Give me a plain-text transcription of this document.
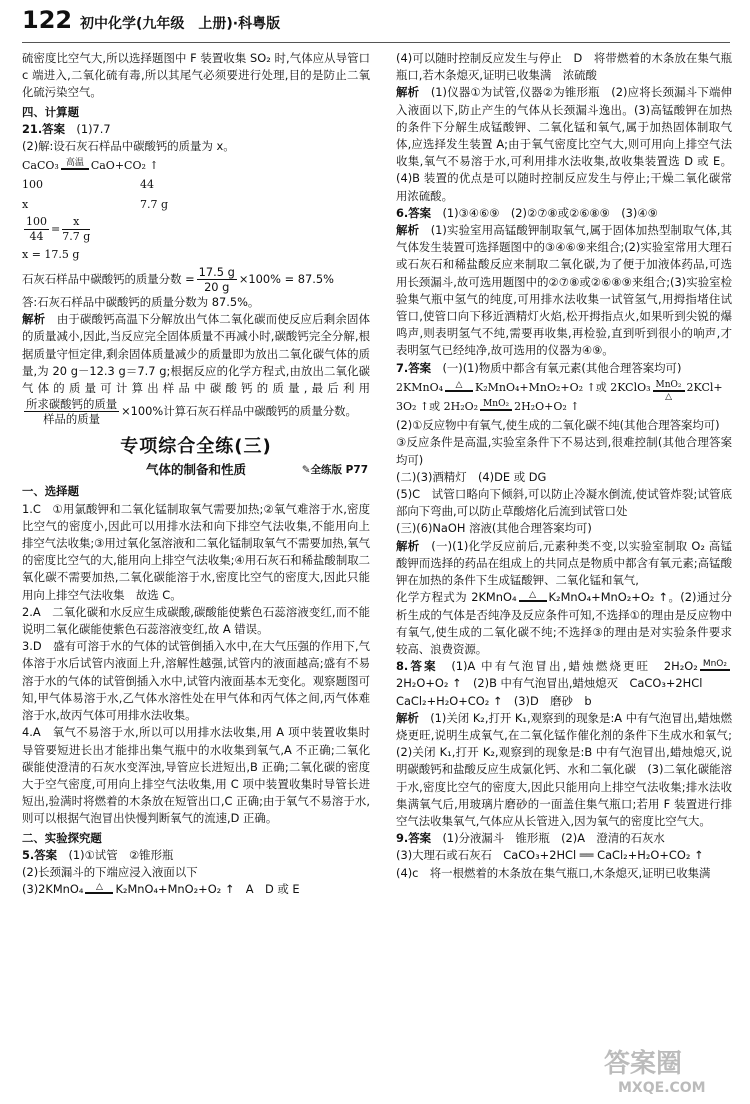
122 初中化学(九年级　上册)·科粤版

硫密度比空气大,所以选择题图中 F 装置收集 SO₂ 时,气体应从导管口 c 端进入,二氧化硫有毒,所以其尾气必须要进行处理,目的是防止二氧化硫污染空气。

四、计算题

21.答案　 (1)7.7

(2)解:设石灰石样品中碳酸钙的质量为 x。

CaCO₃ 高温 CaO+CO₂ ↑

100	44

x	7.7 g

$\frac{100}{44} = \frac{x}{7.7 g}$

x = 17.5 g

石灰石样品中碳酸钙的质量分数 = $\frac{17.5 g}{20 g} \times 100\% = 87.5\%$

答:石灰石样品中碳酸钙的质量分数为 87.5%。

解析　 由于碳酸钙高温下分解放出气体二氧化碳而使反应后剩余固体的质量减小,因此,当反应完全固体质量不再减小时,碳酸钙完全分解,根据质量守恒定律,剩余固体质量减少的质量即为放出二氧化碳气体的质量,为 20 g－12.3 g＝7.7 g;根据反应的化学方程式,由放出二氧化碳气体的质量可计算出样品中碳酸钙的质量,最后利用
$\frac{\text{所求碳酸钙的质量}}{\text{样品的质量}} \times 100\%$计算石灰石样品中碳酸钙的质量分数。

专项综合全练(三)

气体的制备和性质	✎全练版 P77

一、选择题

1.C　①用氯酸钾和二氧化锰制取氧气需要加热;②氧气难溶于水,密度比空气的密度小,因此可以用排水法和向下排空气法收集,不能用向上排空气法收集;③用过氧化氢溶液和二氧化锰制取氧气不需要加热,氧气的密度比空气的大,能用向上排空气法收集;④用石灰石和稀盐酸制取二氧化碳不需要加热,二氧化碳能溶于水,密度比空气的密度大,因此只能用向上排空气法收集　故选 C。

2.A　二氧化碳和水反应生成碳酸,碳酸能使紫色石蕊溶液变红,而不能说明二氧化碳能使紫色石蕊溶液变红,故 A 错误。

3.D　盛有可溶于水的气体的试管倒插入水中,在大气压强的作用下,气体溶于水后试管内液面上升,溶解性越强,试管内的液面越高;盛有不易溶于水的气体的试管倒插入水中,试管内液面基本无变化。观察题图可知,甲气体易溶于水,乙气体水溶性处在甲气体和丙气体之间,丙气体难溶于水,故丙气体可用排水法收集。

4.A　氧气不易溶于水,所以可以用排水法收集,用 A 项中装置收集时导管要短进长出才能排出集气瓶中的水收集到氧气,A 不正确;二氧化碳能使澄清的石灰水变浑浊,导管应长进短出,B 正确;二氧化碳的密度大于空气密度,可用向上排空气法收集,用 C 项中装置收集时导管长进短出,验满时将燃着的木条放在短管出口,C 正确;由于氧气不易溶于水,则可以根据气泡冒出快慢判断氧气的流速,D 正确。

二、实验探究题

5.答案　 (1)①试管　②锥形瓶

(2)长颈漏斗的下端应浸入液面以下

(3)2KMnO₄	△	K₂MnO₄+MnO₂+O₂ ↑　A　D 或 E

(4)可以随时控制反应发生与停止　D　将带燃着的木条放在集气瓶瓶口,若木条熄灭,证明已收集满　浓硫酸

解析　 (1)仪器①为试管,仪器②为锥形瓶　(2)应将长颈漏斗下端伸入液面以下,防止产生的气体从长颈漏斗逸出。(3)高锰酸钾在加热的条件下分解生成锰酸钾、二氧化锰和氧气,属于加热固体制取气体,应选择发生装置 A;由于氧气密度比空气大,则可用向上排空气法收集,氧气不易溶于水,可利用排水法收集,故收集装置选 D 或 E。(4)B 装置的优点是可以随时控制反应发生与停止;干燥二氧化碳常用浓硫酸。

6.答案　 (1)③④⑥⑨　(2)②⑦⑧或②⑥⑧⑨　(3)④⑨

解析　 (1)实验室用高锰酸钾制取氧气,属于固体加热型制取气体,其气体发生装置可选择题图中的③④⑥⑨来组合;(2)实验室常用大理石或石灰石和稀盐酸反应来制取二氧化碳,为了便于加液体药品,可选用长颈漏斗,故可选用题图中的②⑦⑧或②⑥⑧⑨来组合;(3)实验室检验集气瓶中氢气的纯度,可用排水法收集一试管氢气,用拇指堵住试管口,使管口向下移近酒精灯火焰,松开拇指点火,如果听到尖锐的爆鸣声,则表明氢气不纯,需要再收集,再检验,直到听到很小的响声,才表明氢气已经纯净,故可选用的仪器为④⑨。

7.答案　 (一)(1)物质中都含有氧元素(其他合理答案均可)

2KMnO₄	△	K₂MnO₄+MnO₂+O₂ ↑或 2KClO₃ MnO₂
△
2KCl+

3O₂ ↑或 2H₂O₂ MnO₂ 2H₂O+O₂ ↑

(2)①反应物中有氧气,使生成的二氧化碳不纯(其他合理答案均可)

③反应条件是高温,实验室条件下不易达到,很难控制(其他合理答案均可)

(二)(3)酒精灯　(4)DE 或 DG

(5)C　试管口略向下倾斜,可以防止冷凝水倒流,使试管炸裂;试管底部向下弯曲,可以防止草酸熔化后流到试管口处

(三)(6)NaOH 溶液(其他合理答案均可)

解析　 (一)(1)化学反应前后,元素种类不变,以实验室制取 O₂ 高锰酸钾而选择的药品在组成上的共同点是物质中都含有氧元素;高锰酸钾在加热的条件下生成锰酸钾、二氧化锰和氧气,

化学方程式为 2KMnO₄	△	K₂MnO₄+MnO₂+O₂ ↑。(2)通过分析生成的气体是否纯净及反应条件可知,不选择①的理由是反应物中有氧气,使生成的二氧化碳不纯;不选择③的理由是对实验条件要求较高、浪费资源。

8.答案　 (1)A 中有气泡冒出,蜡烛燃烧更旺　2H₂O₂ MnO₂
2H₂O+O₂ ↑　(2)B 中有气泡冒出,蜡烛熄灭　CaCO₃+2HCl

CaCl₂+H₂O+CO₂ ↑　(3)D　磨砂　b

解析　 (1)关闭 K₂,打开 K₁,观察到的现象是:A 中有气泡冒出,蜡烛燃烧更旺,说明生成氧气,在二氧化锰作催化剂的条件下生成水和氧气;(2)关闭 K₁,打开 K₂,观察到的现象是:B 中有气泡冒出,蜡烛熄灭,说明碳酸钙和盐酸反应生成氯化钙、水和二氧化碳　(3)二氧化碳能溶于水,密度比空气的密度大,因此只能用向上排空气法收集;排水法收集满氧气后,用玻璃片磨砂的一面盖住集气瓶口;若用 F 装置进行排空气法收集氧气,气体应从长管进入,因为氧气的密度比空气大。

9.答案　 (1)分液漏斗　锥形瓶　(2)A　澄清的石灰水

(3)大理石或石灰石　CaCO₃+2HCl ══ CaCl₂+H₂O+CO₂ ↑

(4)c　将一根燃着的木条放在集气瓶口,木条熄灭,证明已收集满

答案圈
MXQE.COM
